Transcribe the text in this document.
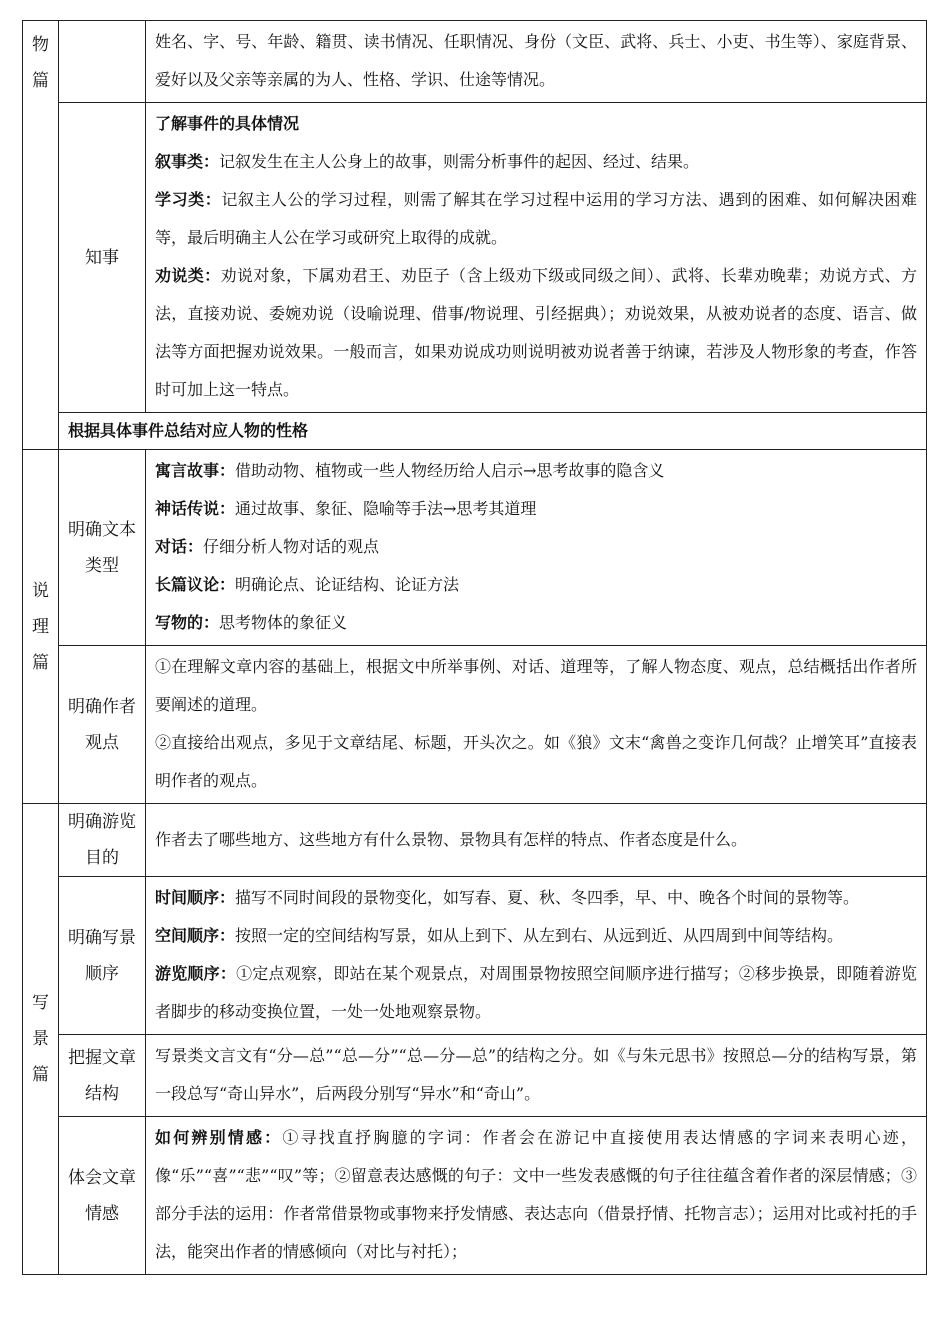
物篇		姓名、字、号、年龄、籍贯、读书情况、任职情况、身份（文臣、武将、兵士、小吏、书生等）、家庭背景、爱好以及父亲等亲属的为人、性格、学识、仕途等情况。
	知事	了解事件的具体情况
叙事类：记叙发生在主人公身上的故事，则需分析事件的起因、经过、结果。
学习类：记叙主人公的学习过程，则需了解其在学习过程中运用的学习方法、遇到的困难、如何解决困难等，最后明确主人公在学习或研究上取得的成就。
劝说类：劝说对象，下属劝君王、劝臣子（含上级劝下级或同级之间）、武将、长辈劝晚辈；劝说方式、方法，直接劝说、委婉劝说（设喻说理、借事/物说理、引经据典）；劝说效果，从被劝说者的态度、语言、做法等方面把握劝说效果。一般而言，如果劝说成功则说明被劝说者善于纳谏，若涉及人物形象的考查，作答时可加上这一特点。

	根据具体事件总结对应人物的性格	
说理篇	明确文本类型	寓言故事：借助动物、植物或一些人物经历给人启示→思考故事的隐含义
神话传说：通过故事、象征、隐喻等手法→思考其道理
对话：仔细分析人物对话的观点
长篇议论：明确论点、论证结构、论证方法
写物的：思考物体的象征义

	明确作者观点	①在理解文章内容的基础上，根据文中所举事例、对话、道理等，了解人物态度、观点，总结概括出作者所要阐述的道理。
②直接给出观点，多见于文章结尾、标题，开头次之。如《狼》文末“禽兽之变诈几何哉？止增笑耳”直接表明作者的观点。

写景篇	明确游览目的	作者去了哪些地方、这些地方有什么景物、景物具有怎样的特点、作者态度是什么。
	明确写景顺序	时间顺序：描写不同时间段的景物变化，如写春、夏、秋、冬四季，早、中、晚各个时间的景物等。
空间顺序：按照一定的空间结构写景，如从上到下、从左到右、从远到近、从四周到中间等结构。
游览顺序：①定点观察，即站在某个观景点，对周围景物按照空间顺序进行描写；②移步换景，即随着游览者脚步的移动变换位置，一处一处地观察景物。

	把握文章结构	写景类文言文有“分—总”“总—分”“总—分—总”的结构之分。如《与朱元思书》按照总—分的结构写景，第一段总写“奇山异水”，后两段分别写“异水”和“奇山”。
	体会文章情感	如何辨别情感：①寻找直抒胸臆的字词：作者会在游记中直接使用表达情感的字词来表明心迹，像“乐”“喜”“悲”“叹”等；②留意表达感慨的句子：文中一些发表感慨的句子往往蕴含着作者的深层情感；③部分手法的运用：作者常借景物或事物来抒发情感、表达志向（借景抒情、托物言志）；运用对比或衬托的手法，能突出作者的情感倾向（对比与衬托）；
